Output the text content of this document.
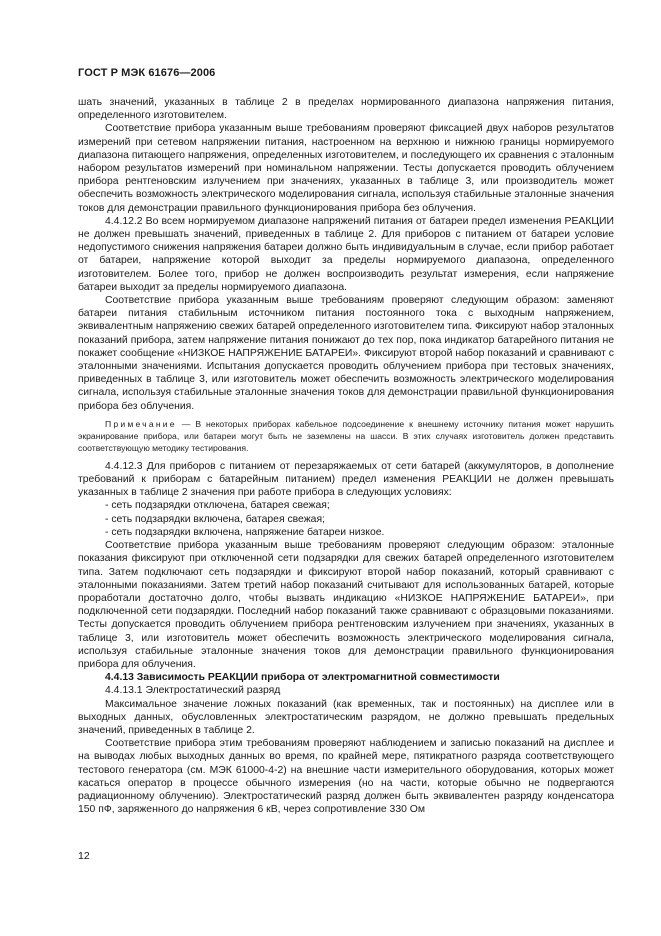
ГОСТ Р МЭК 61676—2006

шать значений, указанных в таблице 2 в пределах нормированного диапазона напряжения питания, определенного изготовителем.

Соответствие прибора указанным выше требованиям проверяют фиксацией двух наборов результатов измерений при сетевом напряжении питания, настроенном на верхнюю и нижнюю границы нормируемого диапазона питающего напряжения, определенных изготовителем, и последующего их сравнения с эталонным набором результатов измерений при номинальном напряжении. Тесты допускается проводить облучением прибора рентгеновским излучением при значениях, указанных в таблице 3, или производитель может обеспечить возможность электрического моделирования сигнала, используя стабильные эталонные значения токов для демонстрации правильного функционирования прибора без облучения.

4.4.12.2 Во всем нормируемом диапазоне напряжений питания от батареи предел изменения РЕАКЦИИ не должен превышать значений, приведенных в таблице 2. Для приборов с питанием от батареи условие недопустимого снижения напряжения батареи должно быть индивидуальным в случае, если прибор работает от батареи, напряжение которой выходит за пределы нормируемого диапазона, определенного изготовителем. Более того, прибор не должен воспроизводить результат измерения, если напряжение батареи выходит за пределы нормируемого диапазона.

Соответствие прибора указанным выше требованиям проверяют следующим образом: заменяют батареи питания стабильным источником питания постоянного тока с выходным напряжением, эквивалентным напряжению свежих батарей определенного изготовителем типа. Фиксируют набор эталонных показаний прибора, затем напряжение питания понижают до тех пор, пока индикатор батарейного питания не покажет сообщение «НИЗКОЕ НАПРЯЖЕНИЕ БАТАРЕИ». Фиксируют второй набор показаний и сравнивают с эталонными значениями. Испытания допускается проводить облучением прибора при тестовых значениях, приведенных в таблице 3, или изготовитель может обеспечить возможность электрического моделирования сигнала, используя стабильные эталонные значения токов для демонстрации правильной функционирования прибора без облучения.

Примечание — В некоторых приборах кабельное подсоединение к внешнему источнику питания может нарушить экранирование прибора, или батареи могут быть не заземлены на шасси. В этих случаях изготовитель должен представить соответствующую методику тестирования.

4.4.12.3 Для приборов с питанием от перезаряжаемых от сети батарей (аккумуляторов, в дополнение требований к приборам с батарейным питанием) предел изменения РЕАКЦИИ не должен превышать указанных в таблице 2 значения при работе прибора в следующих условиях:

- сеть подзарядки отключена, батарея свежая;

- сеть подзарядки включена, батарея свежая;

- сеть подзарядки включена, напряжение батареи низкое.

Соответствие прибора указанным выше требованиям проверяют следующим образом: эталонные показания фиксируют при отключенной сети подзарядки для свежих батарей определенного изготовителем типа. Затем подключают сеть подзарядки и фиксируют второй набор показаний, который сравнивают с эталонными показаниями. Затем третий набор показаний считывают для использованных батарей, которые проработали достаточно долго, чтобы вызвать индикацию «НИЗКОЕ НАПРЯЖЕНИЕ БАТАРЕИ», при подключенной сети подзарядки. Последний набор показаний также сравнивают с образцовыми показаниями. Тесты допускается проводить облучением прибора рентгеновским излучением при значениях, указанных в таблице 3, или изготовитель может обеспечить возможность электрического моделирования сигнала, используя стабильные эталонные значения токов для демонстрации правильного функционирования прибора для облучения.

4.4.13 Зависимость РЕАКЦИИ прибора от электромагнитной совместимости

4.4.13.1 Электростатический разряд

Максимальное значение ложных показаний (как временных, так и постоянных) на дисплее или в выходных данных, обусловленных электростатическим разрядом, не должно превышать предельных значений, приведенных в таблице 2.

Соответствие прибора этим требованиям проверяют наблюдением и записью показаний на дисплее и на выводах любых выходных данных во время, по крайней мере, пятикратного разряда соответствующего тестового генератора (см. МЭК 61000-4-2) на внешние части измерительного оборудования, которых может касаться оператор в процессе обычного измерения (но на части, которые обычно не подвергаются радиационному облучению). Электростатический разряд должен быть эквивалентен разряду конденсатора 150 пФ, заряженного до напряжения 6 кВ, через сопротивление 330 Ом

12
